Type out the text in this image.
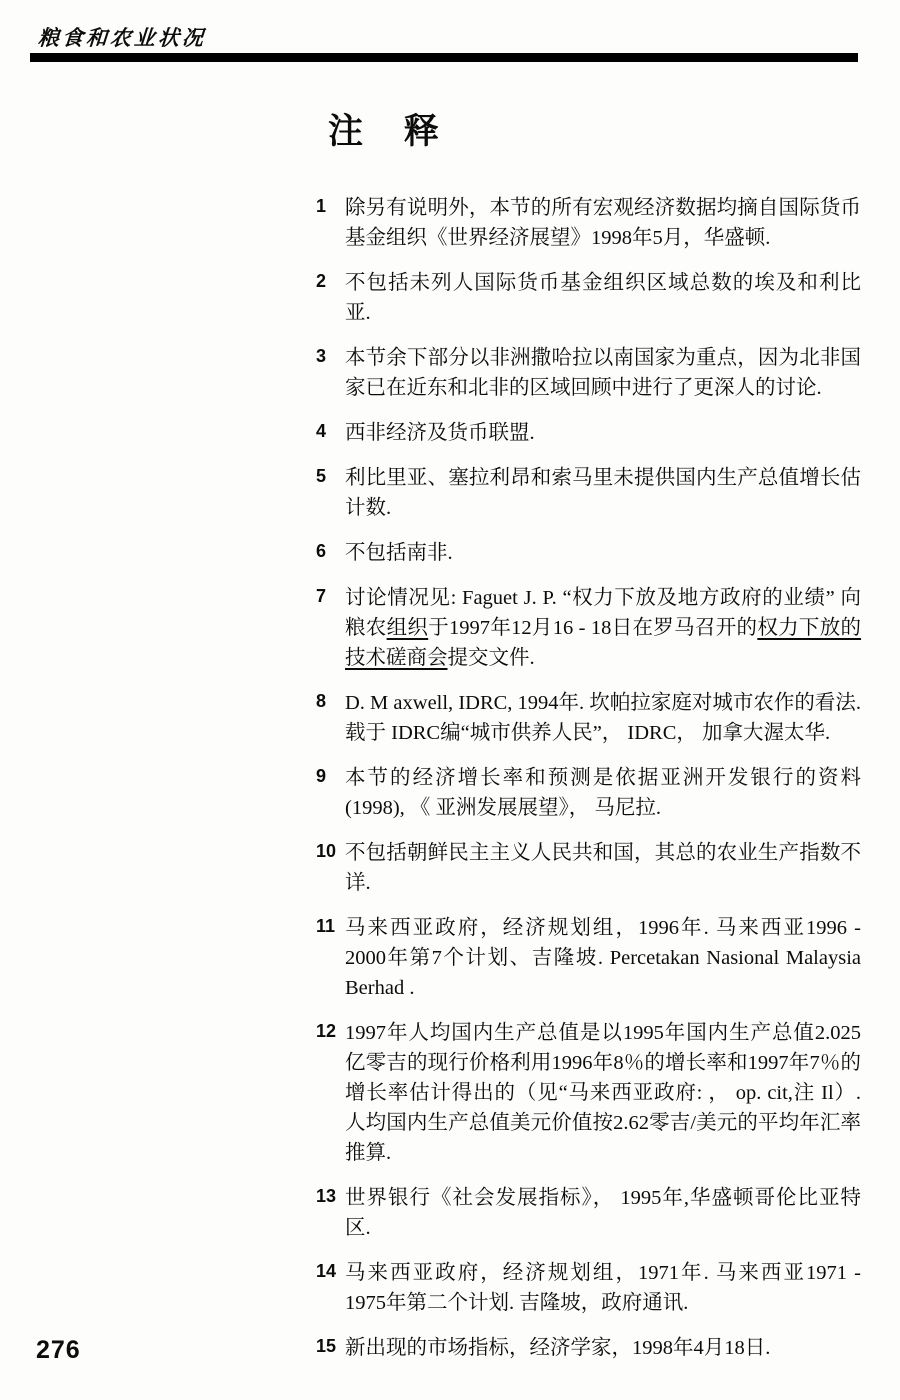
粮食和农业状况
注 释
1 除另有说明外，本节的所有宏观经济数据均摘自国际货币基金组织《世界经济展望》1998年5月，华盛顿.
2 不包括未列人国际货币基金组织区域总数的埃及和利比亚.
3 本节余下部分以非洲撒哈拉以南国家为重点，因为北非国家已在近东和北非的区域回顾中进行了更深人的讨论.
4 西非经济及货币联盟.
5 利比里亚、塞拉利昂和索马里未提供国内生产总值增长估计数.
6 不包括南非.
7 讨论情况见: Faguet J. P. “权力下放及地方政府的业绩” 向粮农组织于1997年12月16 - 18日在罗马召开的权力下放的技术磋商会提交文件.
8 D. M axwell, IDRC, 1994年. 坎帕拉家庭对城市农作的看法. 载于 IDRC编“城市供养人民”， IDRC， 加拿大渥太华.
9 本节的经济增长率和预测是依据亚洲开发银行的资料(1998), 《 亚洲发展展望》， 马尼拉.
10 不包括朝鲜民主主义人民共和国，其总的农业生产指数不详.
11 马来西亚政府，经济规划组，1996年. 马来西亚1996 - 2000年第7个计划、吉隆坡. Percetakan Nasional Malaysia Berhad .
12 1997年人均国内生产总值是以1995年国内生产总值2.025亿零吉的现行价格利用1996年8％的增长率和1997年7％的增长率估计得出的（见“马来西亚政府: ， op. cit,注 Il）. 人均国内生产总值美元价值按2.62零吉/美元的平均年汇率推算.
13 世界银行《社会发展指标》， 1995年,华盛顿哥伦比亚特区.
14 马来西亚政府，经济规划组，1971年. 马来西亚1971 - 1975年第二个计划. 吉隆坡，政府通讯.
15 新出现的市场指标，经济学家，1998年4月18日.
276
